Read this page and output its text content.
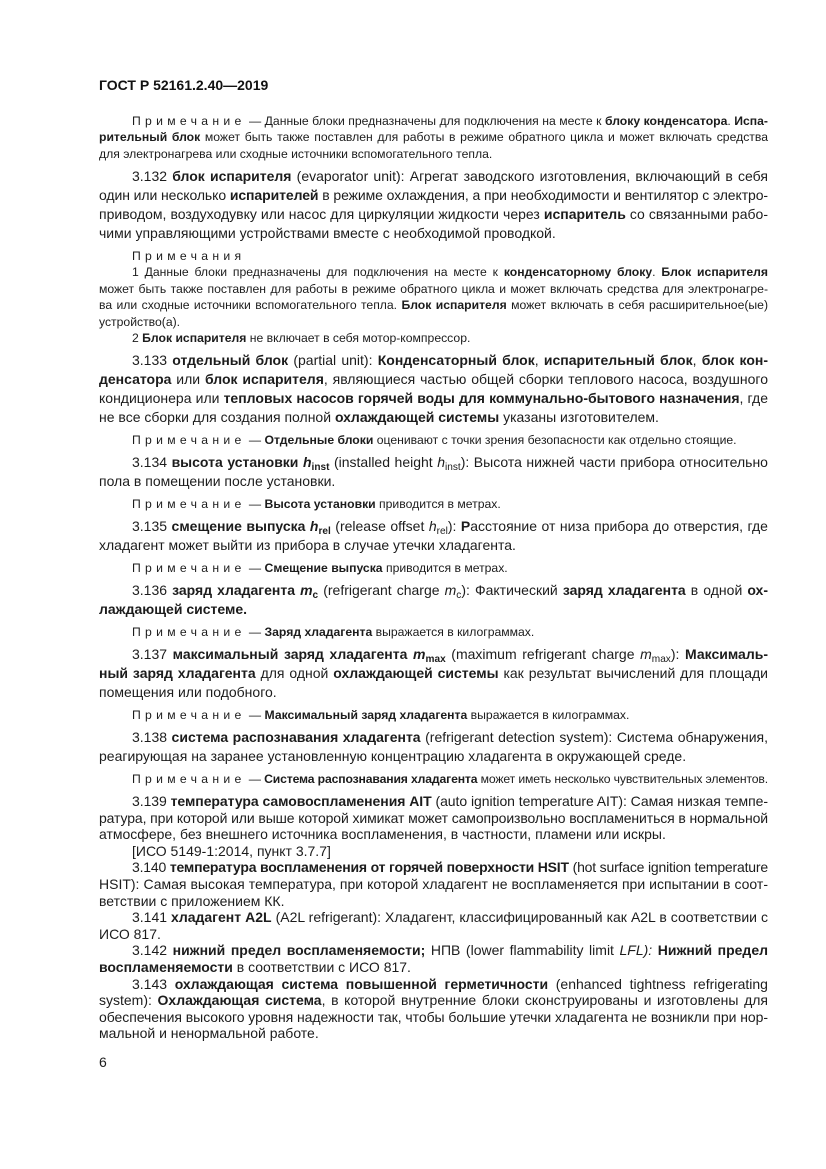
ГОСТ Р 52161.2.40—2019
Примечание — Данные блоки предназначены для подключения на месте к блоку конденсатора. Испа-
рительный блок может быть также поставлен для работы в режиме обратного цикла и может включать средства
для электронагрева или сходные источники вспомогательного тепла.
3.132 блок испарителя (evaporator unit): Агрегат заводского изготовления, включающий в себя
один или несколько испарителей в режиме охлаждения, а при необходимости и вентилятор с электро-
приводом, воздуходувку или насос для циркуляции жидкости через испаритель со связанными рабо-
чими управляющими устройствами вместе с необходимой проводкой.
Примечания
1 Данные блоки предназначены для подключения на месте к конденсаторному блоку. Блок испарителя
может быть также поставлен для работы в режиме обратного цикла и может включать средства для электронагре-
ва или сходные источники вспомогательного тепла. Блок испарителя может включать в себя расширительное(ые)
устройство(а).
2 Блок испарителя не включает в себя мотор-компрессор.
3.133 отдельный блок (partial unit): Конденсаторный блок, испарительный блок, блок кон-
денсатора или блок испарителя, являющиеся частью общей сборки теплового насоса, воздушного
кондиционера или тепловых насосов горячей воды для коммунально-бытового назначения, где
не все сборки для создания полной охлаждающей системы указаны изготовителем.
Примечание — Отдельные блоки оценивают с точки зрения безопасности как отдельно стоящие.
3.134 высота установки $h_{inst}$ (installed height $h_{inst}$): Высота нижней части прибора относительно
пола в помещении после установки.
Примечание — Высота установки приводится в метрах.
3.135 смещение выпуска $h_{rel}$ (release offset $h_{rel}$): Расстояние от низа прибора до отверстия, где
хладагент может выйти из прибора в случае утечки хладагента.
Примечание — Смещение выпуска приводится в метрах.
3.136 заряд хладагента $m_c$ (refrigerant charge $m_c$): Фактический заряд хладагента в одной ох-
лаждающей системе.
Примечание — Заряд хладагента выражается в килограммах.
3.137 максимальный заряд хладагента $m_{max}$ (maximum refrigerant charge $m_{max}$): Максималь-
ный заряд хладагента для одной охлаждающей системы как результат вычислений для площади
помещения или подобного.
Примечание — Максимальный заряд хладагента выражается в килограммах.
3.138 система распознавания хладагента (refrigerant detection system): Система обнаружения,
реагирующая на заранее установленную концентрацию хладагента в окружающей среде.
Примечание — Система распознавания хладагента может иметь несколько чувствительных элементов.
3.139 температура самовоспламенения AIT (auto ignition temperature AIT): Самая низкая темпе-
ратура, при которой или выше которой химикат может самопроизвольно воспламениться в нормальной
атмосфере, без внешнего источника воспламенения, в частности, пламени или искры.
[ИСО 5149-1:2014, пункт 3.7.7]
3.140 температура воспламенения от горячей поверхности HSIT (hot surface ignition temperature
HSIT): Самая высокая температура, при которой хладагент не воспламеняется при испытании в соот-
ветствии с приложением КК.
3.141 хладагент A2L (A2L refrigerant): Хладагент, классифицированный как A2L в соответствии с
ИСО 817.
3.142 нижний предел воспламеняемости; НПВ (lower flammability limit LFL): Нижний предел
воспламеняемости в соответствии с ИСО 817.
3.143 охлаждающая система повышенной герметичности (enhanced tightness refrigerating
system): Охлаждающая система, в которой внутренние блоки сконструированы и изготовлены для
обеспечения высокого уровня надежности так, чтобы большие утечки хладагента не возникли при нор-
мальной и ненормальной работе.
6
